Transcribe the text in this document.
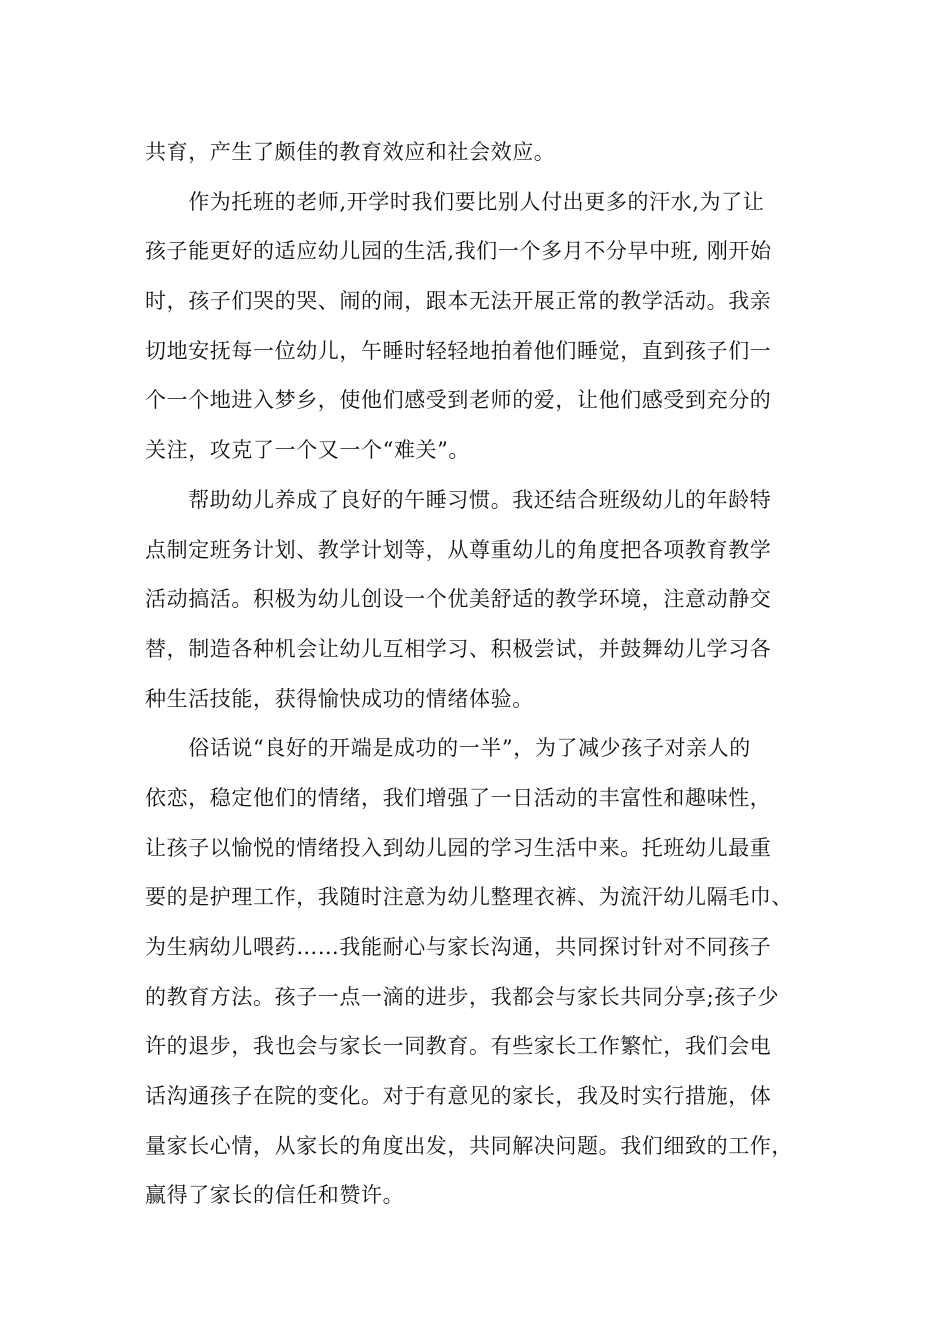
共育，产生了颇佳的教育效应和社会效应。
　　作为托班的老师,开学时我们要比别人付出更多的汗水,为了让
孩子能更好的适应幼儿园的生活,我们一个多月不分早中班, 刚开始
时，孩子们哭的哭、闹的闹，跟本无法开展正常的教学活动。我亲
切地安抚每一位幼儿，午睡时轻轻地拍着他们睡觉，直到孩子们一
个一个地进入梦乡，使他们感受到老师的爱，让他们感受到充分的
关注，攻克了一个又一个“难关”。
　　帮助幼儿养成了良好的午睡习惯。我还结合班级幼儿的年龄特
点制定班务计划、教学计划等，从尊重幼儿的角度把各项教育教学
活动搞活。积极为幼儿创设一个优美舒适的教学环境，注意动静交
替，制造各种机会让幼儿互相学习、积极尝试，并鼓舞幼儿学习各
种生活技能，获得愉快成功的情绪体验。
　　俗话说“良好的开端是成功的一半”，为了减少孩子对亲人的
依恋，稳定他们的情绪，我们增强了一日活动的丰富性和趣味性，
让孩子以愉悦的情绪投入到幼儿园的学习生活中来。托班幼儿最重
要的是护理工作，我随时注意为幼儿整理衣裤、为流汗幼儿隔毛巾、
为生病幼儿喂药……我能耐心与家长沟通，共同探讨针对不同孩子
的教育方法。孩子一点一滴的进步，我都会与家长共同分享;孩子少
许的退步，我也会与家长一同教育。有些家长工作繁忙，我们会电
话沟通孩子在院的变化。对于有意见的家长，我及时实行措施，体
量家长心情，从家长的角度出发，共同解决问题。我们细致的工作，
赢得了家长的信任和赞许。
